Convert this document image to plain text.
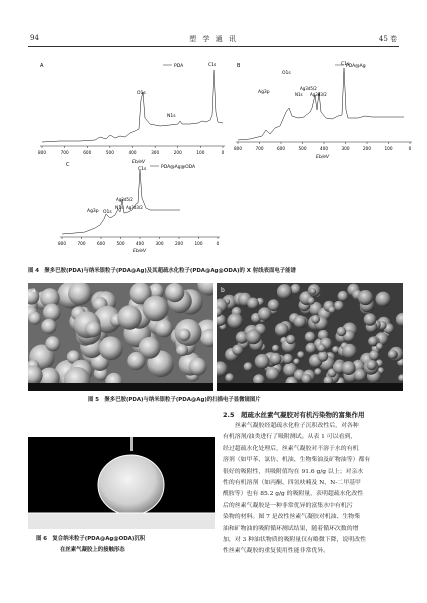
94	塑 学 通 讯	45 卷
A	PDA
O1s
C1s
N1s
800	700	600	500	400	300	200	100	0
Eb/eV
B	PDA@Ag
O1s
C1s
Ag3p
Ag3d5/2
N1s Ag3d3/2
800	700	600	500	400	300	200	100	0
Eb/eV
C	PDA@Ag@ODA
C1s
Ag3d5/2
N1s
O1s
Ag3p
Ag3d3/2
800	700	600	500	400	300	200	100	0
Eb/eV
图 4　聚多巴胺(PDA)与纳米银粒子(PDA@Ag)及其超疏水化粒子(PDA@Ag@ODA)的 X 射线表面电子能谱
a	b
图 5　聚多巴胺(PDA)与纳米银粒子(PDA@Ag)的扫描电子显微镜图片
图 6　复合纳米粒子(PDA@Ag@ODA)沉积
在丝素气凝胶上的接触形态
2.5　超疏水丝素气凝胶对有机污染物的富集作用
丝素气凝胶经超疏水化粒子沉积改性后，对各种
有机溶剂/油类进行了吸附测试。从表 1 可以看到，
经过超疏水化处理后，丝素气凝胶对不溶于水的有机
溶剂（如甲苯、氯仿、机油、生物柴油及矿物油等）都有
很好的吸附性，其吸附值均在 91.6 g/g 以上；对亲水
性的有机溶剂（如丙酮、四氢呋喃及 N，N-二甲基甲
酰胺等）也有 85.2 g/g 的吸附量，表明超疏水化改性
后的丝素气凝胶是一种非常优异的富集水中有机污
染物的材料。图 7 是改性丝素气凝胶对机油、生物柴
油和矿物油的吸附循环测试结果，随着循环次数的增
加，对 3 种油状物质的吸附量仅有略微下降，说明改性
性丝素气凝胶的重复使用性能非常优异。
